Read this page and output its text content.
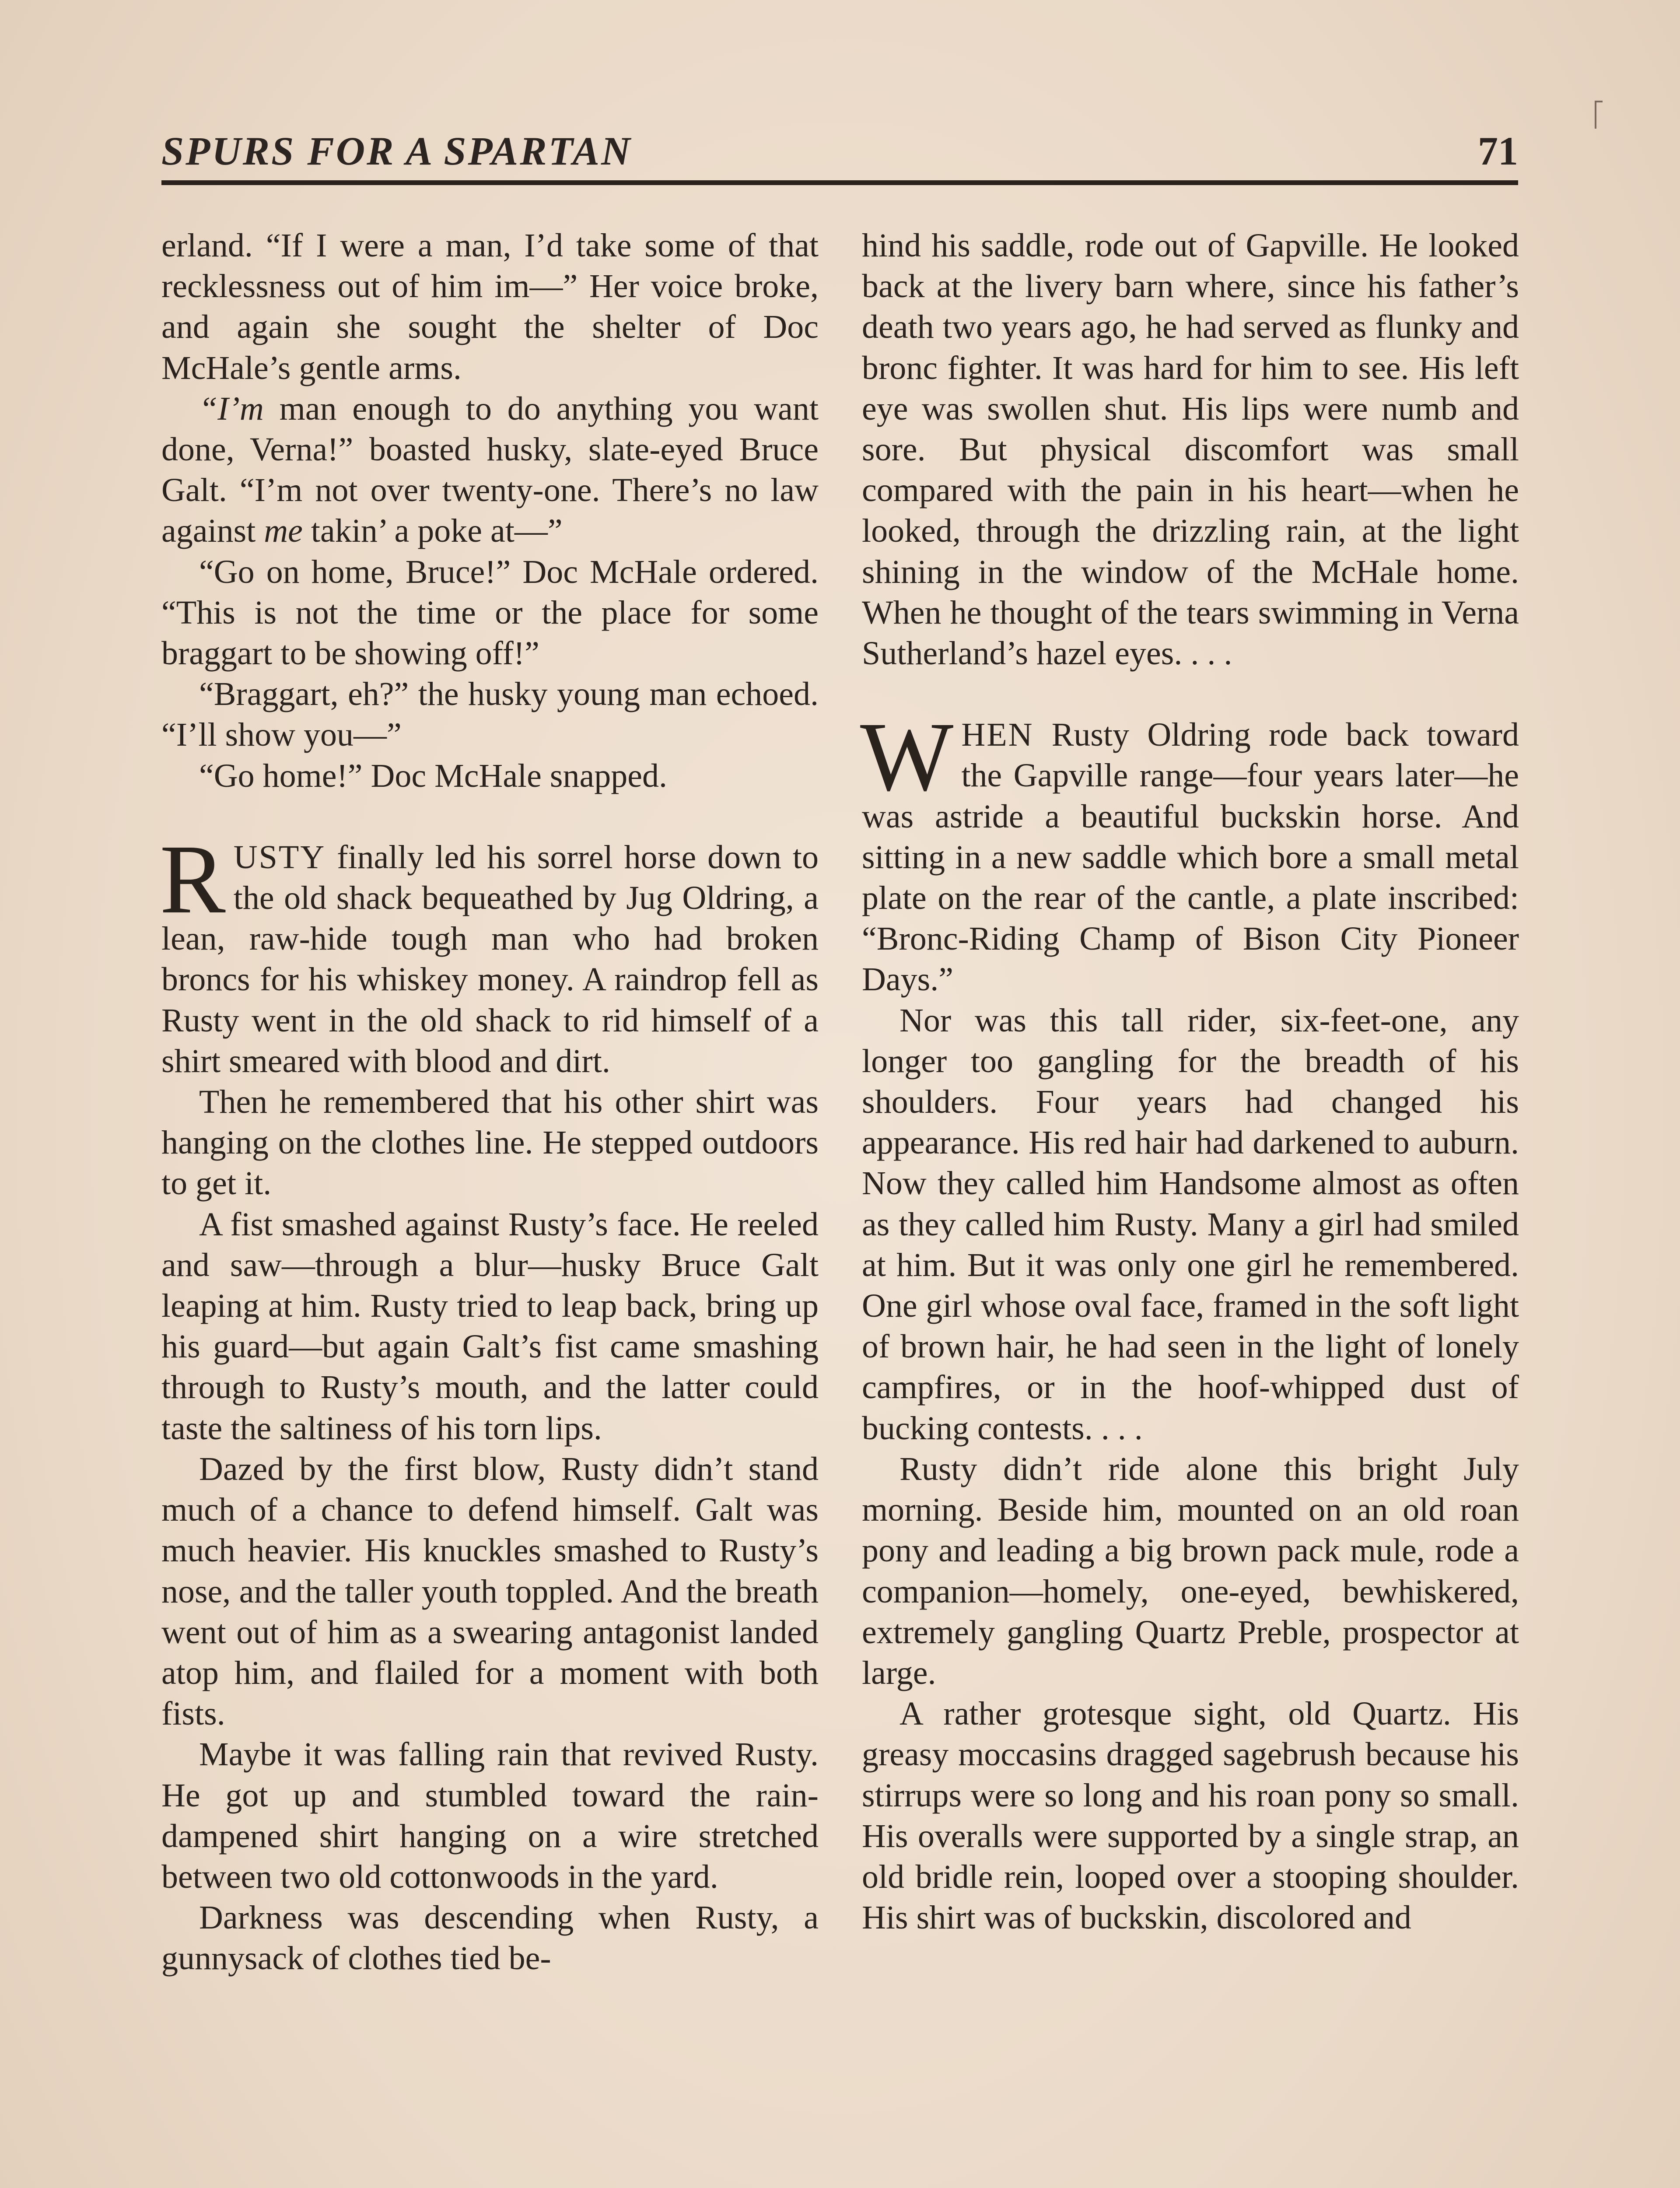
SPURS FOR A SPARTAN	71

erland. “If I were a man, I’d take some of that recklessness out of him im—” Her voice broke, and again she sought the shelter of Doc McHale’s gentle arms.

“I’m man enough to do anything you want done, Verna!” boasted husky, slate-eyed Bruce Galt. “I’m not over twenty-one. There’s no law against me takin’ a poke at—”

“Go on home, Bruce!” Doc McHale ordered. “This is not the time or the place for some braggart to be showing off!”

“Braggart, eh?” the husky young man echoed. “I’ll show you—”

“Go home!” Doc McHale snapped.

RUSTY finally led his sorrel horse down to the old shack bequeathed by Jug Oldring, a lean, raw-hide tough man who had broken broncs for his whiskey money. A raindrop fell as Rusty went in the old shack to rid himself of a shirt smeared with blood and dirt.

Then he remembered that his other shirt was hanging on the clothes line. He stepped outdoors to get it.

A fist smashed against Rusty’s face. He reeled and saw—through a blur—husky Bruce Galt leaping at him. Rusty tried to leap back, bring up his guard—but again Galt’s fist came smashing through to Rusty’s mouth, and the latter could taste the saltiness of his torn lips.

Dazed by the first blow, Rusty didn’t stand much of a chance to defend himself. Galt was much heavier. His knuckles smashed to Rusty’s nose, and the taller youth toppled. And the breath went out of him as a swearing antagonist landed atop him, and flailed for a moment with both fists.

Maybe it was falling rain that revived Rusty. He got up and stumbled toward the rain-dampened shirt hanging on a wire stretched between two old cottonwoods in the yard.

Darkness was descending when Rusty, a gunnysack of clothes tied be-

hind his saddle, rode out of Gapville. He looked back at the livery barn where, since his father’s death two years ago, he had served as flunky and bronc fighter. It was hard for him to see. His left eye was swollen shut. His lips were numb and sore. But physical discomfort was small compared with the pain in his heart—when he looked, through the drizzling rain, at the light shining in the window of the McHale home. When he thought of the tears swimming in Verna Sutherland’s hazel eyes. . . .

WHEN Rusty Oldring rode back toward the Gapville range—four years later—he was astride a beautiful buckskin horse. And sitting in a new saddle which bore a small metal plate on the rear of the cantle, a plate inscribed: “Bronc-Riding Champ of Bison City Pioneer Days.”

Nor was this tall rider, six-feet-one, any longer too gangling for the breadth of his shoulders. Four years had changed his appearance. His red hair had darkened to auburn. Now they called him Handsome almost as often as they called him Rusty. Many a girl had smiled at him. But it was only one girl he remembered. One girl whose oval face, framed in the soft light of brown hair, he had seen in the light of lonely campfires, or in the hoof-whipped dust of bucking contests. . . .

Rusty didn’t ride alone this bright July morning. Beside him, mounted on an old roan pony and leading a big brown pack mule, rode a companion—homely, one-eyed, bewhiskered, extremely gangling Quartz Preble, prospector at large.

A rather grotesque sight, old Quartz. His greasy moccasins dragged sagebrush because his stirrups were so long and his roan pony so small. His overalls were supported by a single strap, an old bridle rein, looped over a stooping shoulder. His shirt was of buckskin, discolored and
